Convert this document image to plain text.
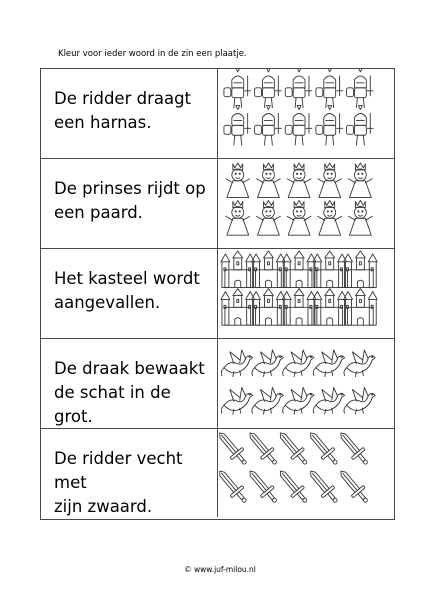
Kleur voor ieder woord in de zin een plaatje.
De ridder draagt
een harnas.
De prinses rijdt op
een paard.
Het kasteel wordt
aangevallen.
De draak bewaakt
de schat in de grot.
De ridder vecht met
zijn zwaard.
© www.juf-milou.nl
